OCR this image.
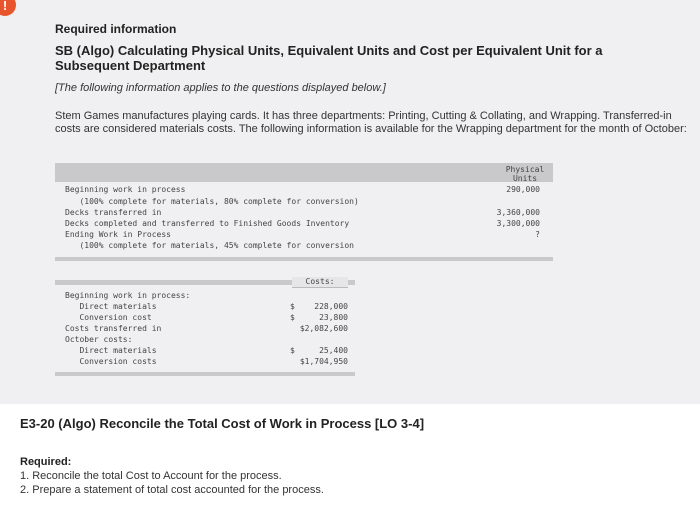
!
Required information
SB (Algo) Calculating Physical Units, Equivalent Units and Cost per Equivalent Unit for a Subsequent Department
[The following information applies to the questions displayed below.]
Stem Games manufactures playing cards. It has three departments: Printing, Cutting & Collating, and Wrapping. Transferred-in costs are considered materials costs. The following information is available for the Wrapping department for the month of October:
Physical
Units
Beginning work in process	290,000
(100% complete for materials, 80% complete for conversion)
Decks transferred in	3,360,000
Decks completed and transferred to Finished Goods Inventory	3,300,000
Ending Work in Process	?
(100% complete for materials, 45% complete for conversion
Costs:
Beginning work in process:
Direct materials	$ 228,000
Conversion cost	$	23,800
Costs transferred in	$2,082,600
October costs:
Direct materials	$	25,400
Conversion costs	$1,704,950
E3-20 (Algo) Reconcile the Total Cost of Work in Process [LO 3-4]
Required:
1. Reconcile the total Cost to Account for the process.
2. Prepare a statement of total cost accounted for the process.
